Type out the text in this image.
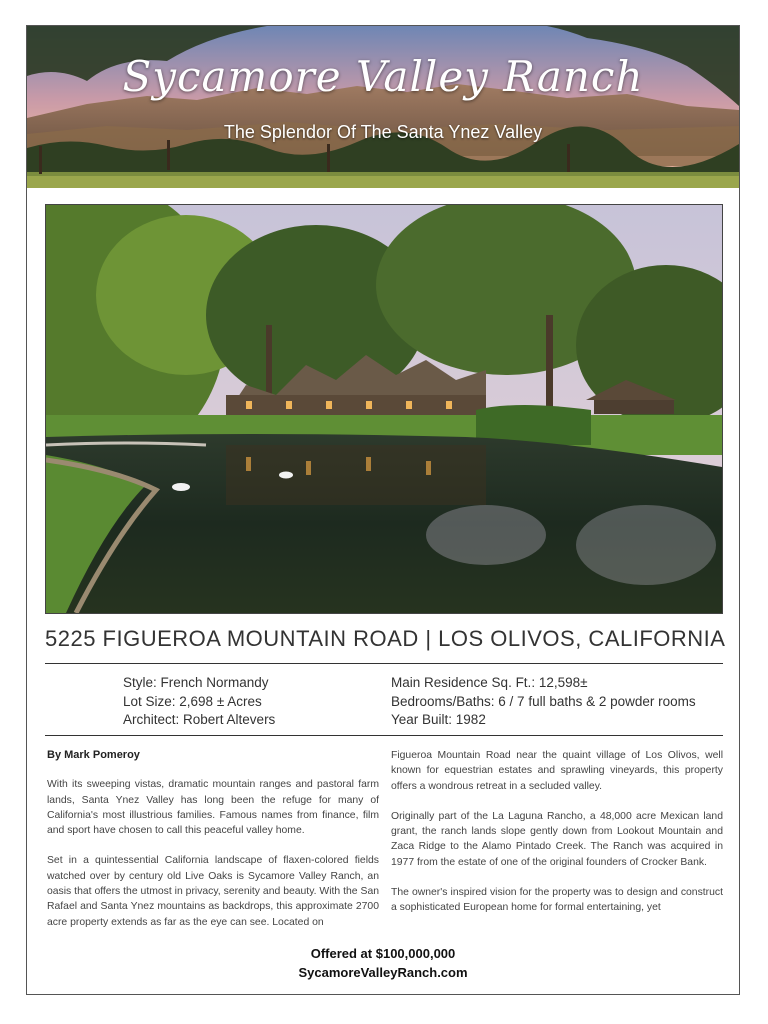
Sycamore Valley Ranch
The Splendor Of The Santa Ynez Valley
5225 FIGUEROA MOUNTAIN ROAD | LOS OLIVOS, CALIFORNIA
Style: French Normandy
Lot Size: 2,698 ± Acres
Architect: Robert Altevers
Main Residence Sq. Ft.: 12,598±
Bedrooms/Baths: 6 / 7 full baths & 2 powder rooms
Year Built: 1982

By Mark Pomeroy

With its sweeping vistas, dramatic mountain ranges and pastoral farm lands, Santa Ynez Valley has long been the refuge for many of California's most illustrious families. Famous names from finance, film and sport have chosen to call this peaceful valley home.

Set in a quintessential California landscape of flaxen-colored fields watched over by century old Live Oaks is Sycamore Valley Ranch, an oasis that offers the utmost in privacy, serenity and beauty. With the San Rafael and Santa Ynez mountains as backdrops, this approximate 2700 acre property extends as far as the eye can see. Located on

Figueroa Mountain Road near the quaint village of Los Olivos, well known for equestrian estates and sprawling vineyards, this property offers a wondrous retreat in a secluded valley.

Originally part of the La Laguna Rancho, a 48,000 acre Mexican land grant, the ranch lands slope gently down from Lookout Mountain and Zaca Ridge to the Alamo Pintado Creek. The Ranch was acquired in 1977 from the estate of one of the original founders of Crocker Bank.

The owner's inspired vision for the property was to design and construct a sophisticated European home for formal entertaining, yet

Offered at $100,000,000
SycamoreValleyRanch.com
